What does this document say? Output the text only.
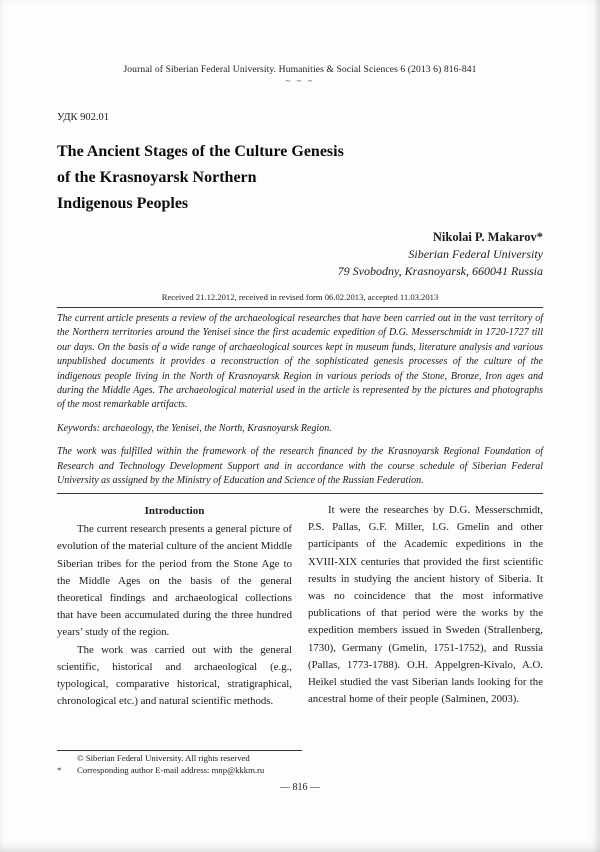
Journal of Siberian Federal University. Humanities & Social Sciences 6 (2013 6) 816-841
~ ~ ~
УДК 902.01
The Ancient Stages of the Culture Genesis
of the Krasnoyarsk Northern
Indigenous Peoples
Nikolai P. Makarov*
Siberian Federal University
79 Svobodny, Krasnoyarsk, 660041 Russia
Received 21.12.2012, received in revised form 06.02.2013, accepted 11.03.2013

The current article presents a review of the archaeological researches that have been carried out in the vast territory of the Northern territories around the Yenisei since the first academic expedition of D.G. Messerschmidt in 1720-1727 till our days. On the basis of a wide range of archaeological sources kept in museum funds, literature analysis and various unpublished documents it provides a reconstruction of the sophisticated genesis processes of the culture of the indigenous people living in the North of Krasnoyarsk Region in various periods of the Stone, Bronze, Iron ages and during the Middle Ages. The archaeological material used in the article is represented by the pictures and photographs of the most remarkable artifacts.

Keywords: archaeology, the Yenisei, the North, Krasnoyarsk Region.

The work was fulfilled within the framework of the research financed by the Krasnoyarsk Regional Foundation of Research and Technology Development Support and in accordance with the course schedule of Siberian Federal University as assigned by the Ministry of Education and Science of the Russian Federation.

Introduction

The current research presents a general picture of evolution of the material culture of the ancient Middle Siberian tribes for the period from the Stone Age to the Middle Ages on the basis of the general theoretical findings and archaeological collections that have been accumulated during the three hundred years’ study of the region.

The work was carried out with the general scientific, historical and archaeological (e.g., typological, comparative historical, stratigraphical, chronological etc.) and natural scientific methods.

It were the researches by D.G. Messerschmidt, P.S. Pallas, G.F. Miller, I.G. Gmelin and other participants of the Academic expeditions in the XVIII-XIX centuries that provided the first scientific results in studying the ancient history of Siberia. It was no coincidence that the most informative publications of that period were the works by the expedition members issued in Sweden (Strallenberg, 1730), Germany (Gmelin, 1751-1752), and Russia (Pallas, 1773-1788). O.H. Appelgren-Kivalo, A.O. Heikel studied the vast Siberian lands looking for the ancestral home of their people (Salminen, 2003).

© Siberian Federal University. All rights reserved
*	Corresponding author E-mail address: mnp@kkkm.ru
— 816 —
